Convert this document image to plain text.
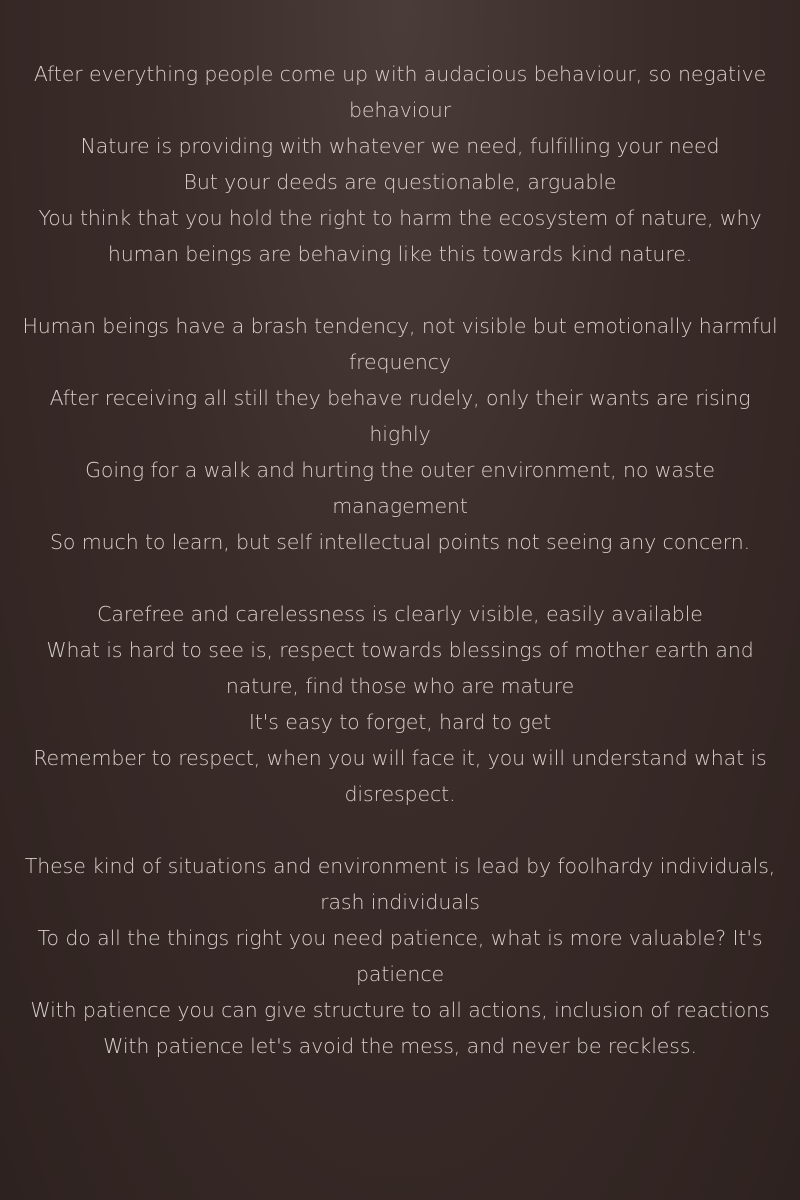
After everything people come up with audacious behaviour, so negative behaviour
Nature is providing with whatever we need, fulfilling your need
But your deeds are questionable, arguable
You think that you hold the right to harm the ecosystem of nature, why human beings are behaving like this towards kind nature.
Human beings have a brash tendency, not visible but emotionally harmful frequency
After receiving all still they behave rudely, only their wants are rising highly
Going for a walk and hurting the outer environment, no waste management
So much to learn, but self intellectual points not seeing any concern.
Carefree and carelessness is clearly visible, easily available
What is hard to see is, respect towards blessings of mother earth and nature, find those who are mature
It's easy to forget, hard to get
Remember to respect, when you will face it, you will understand what is disrespect.
These kind of situations and environment is lead by foolhardy individuals, rash individuals
To do all the things right you need patience, what is more valuable? It's patience
With patience you can give structure to all actions, inclusion of reactions
With patience let's avoid the mess, and never be reckless.
